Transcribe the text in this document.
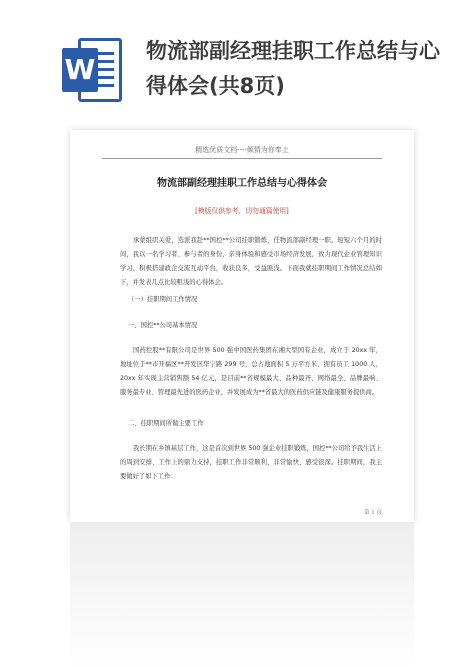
W
物流部副经理挂职工作总结与心得体会(共8页)
精选优质文档----倾情为你奉上
物流部副经理挂职工作总结与心得体会
[模版仅供参考，切勿通篇使用]
承蒙组织关爱，选派我赴**国控**公司挂职锻炼，任物流部副经理一职。短短六个月的时间，我以一名学习者、参与者的身份，亲身体验和感受市场经济发展，致力现代企业管理知识学习，积极搭建政企交流互动平台，收获良多，受益匪浅。下面我就挂职期间工作情况总结如下，并发表几点比较粗浅的心得体会。
（一）挂职期间工作情况
一、国控**公司基本情况
国药控股**有限公司是世界 500 强中国医药集团在湘大型国有企业，成立于 20xx 年，地址位于**市开福区**开发区华宁路 299 号，总占地面积 5 万平方米，拥有员工 1000 人，20xx 年实现主营销售额 54 亿元，是目前**省规模最大、品种最齐、网络最全、品牌最响、服务最专业、管理最先进的医药企业，并发展成为**省最大的医药供应链及健康服务提供商。
二、挂职期间所做主要工作
我长期在乡镇基层工作，这是首次到世界 500 强企业挂职锻炼，国控**公司给予我生活上的周到安排、工作上的鼎力支持，挂职工作非常顺利、非常愉快、感受很深。挂职期间，我主要做好了如下工作：
第 1 页
